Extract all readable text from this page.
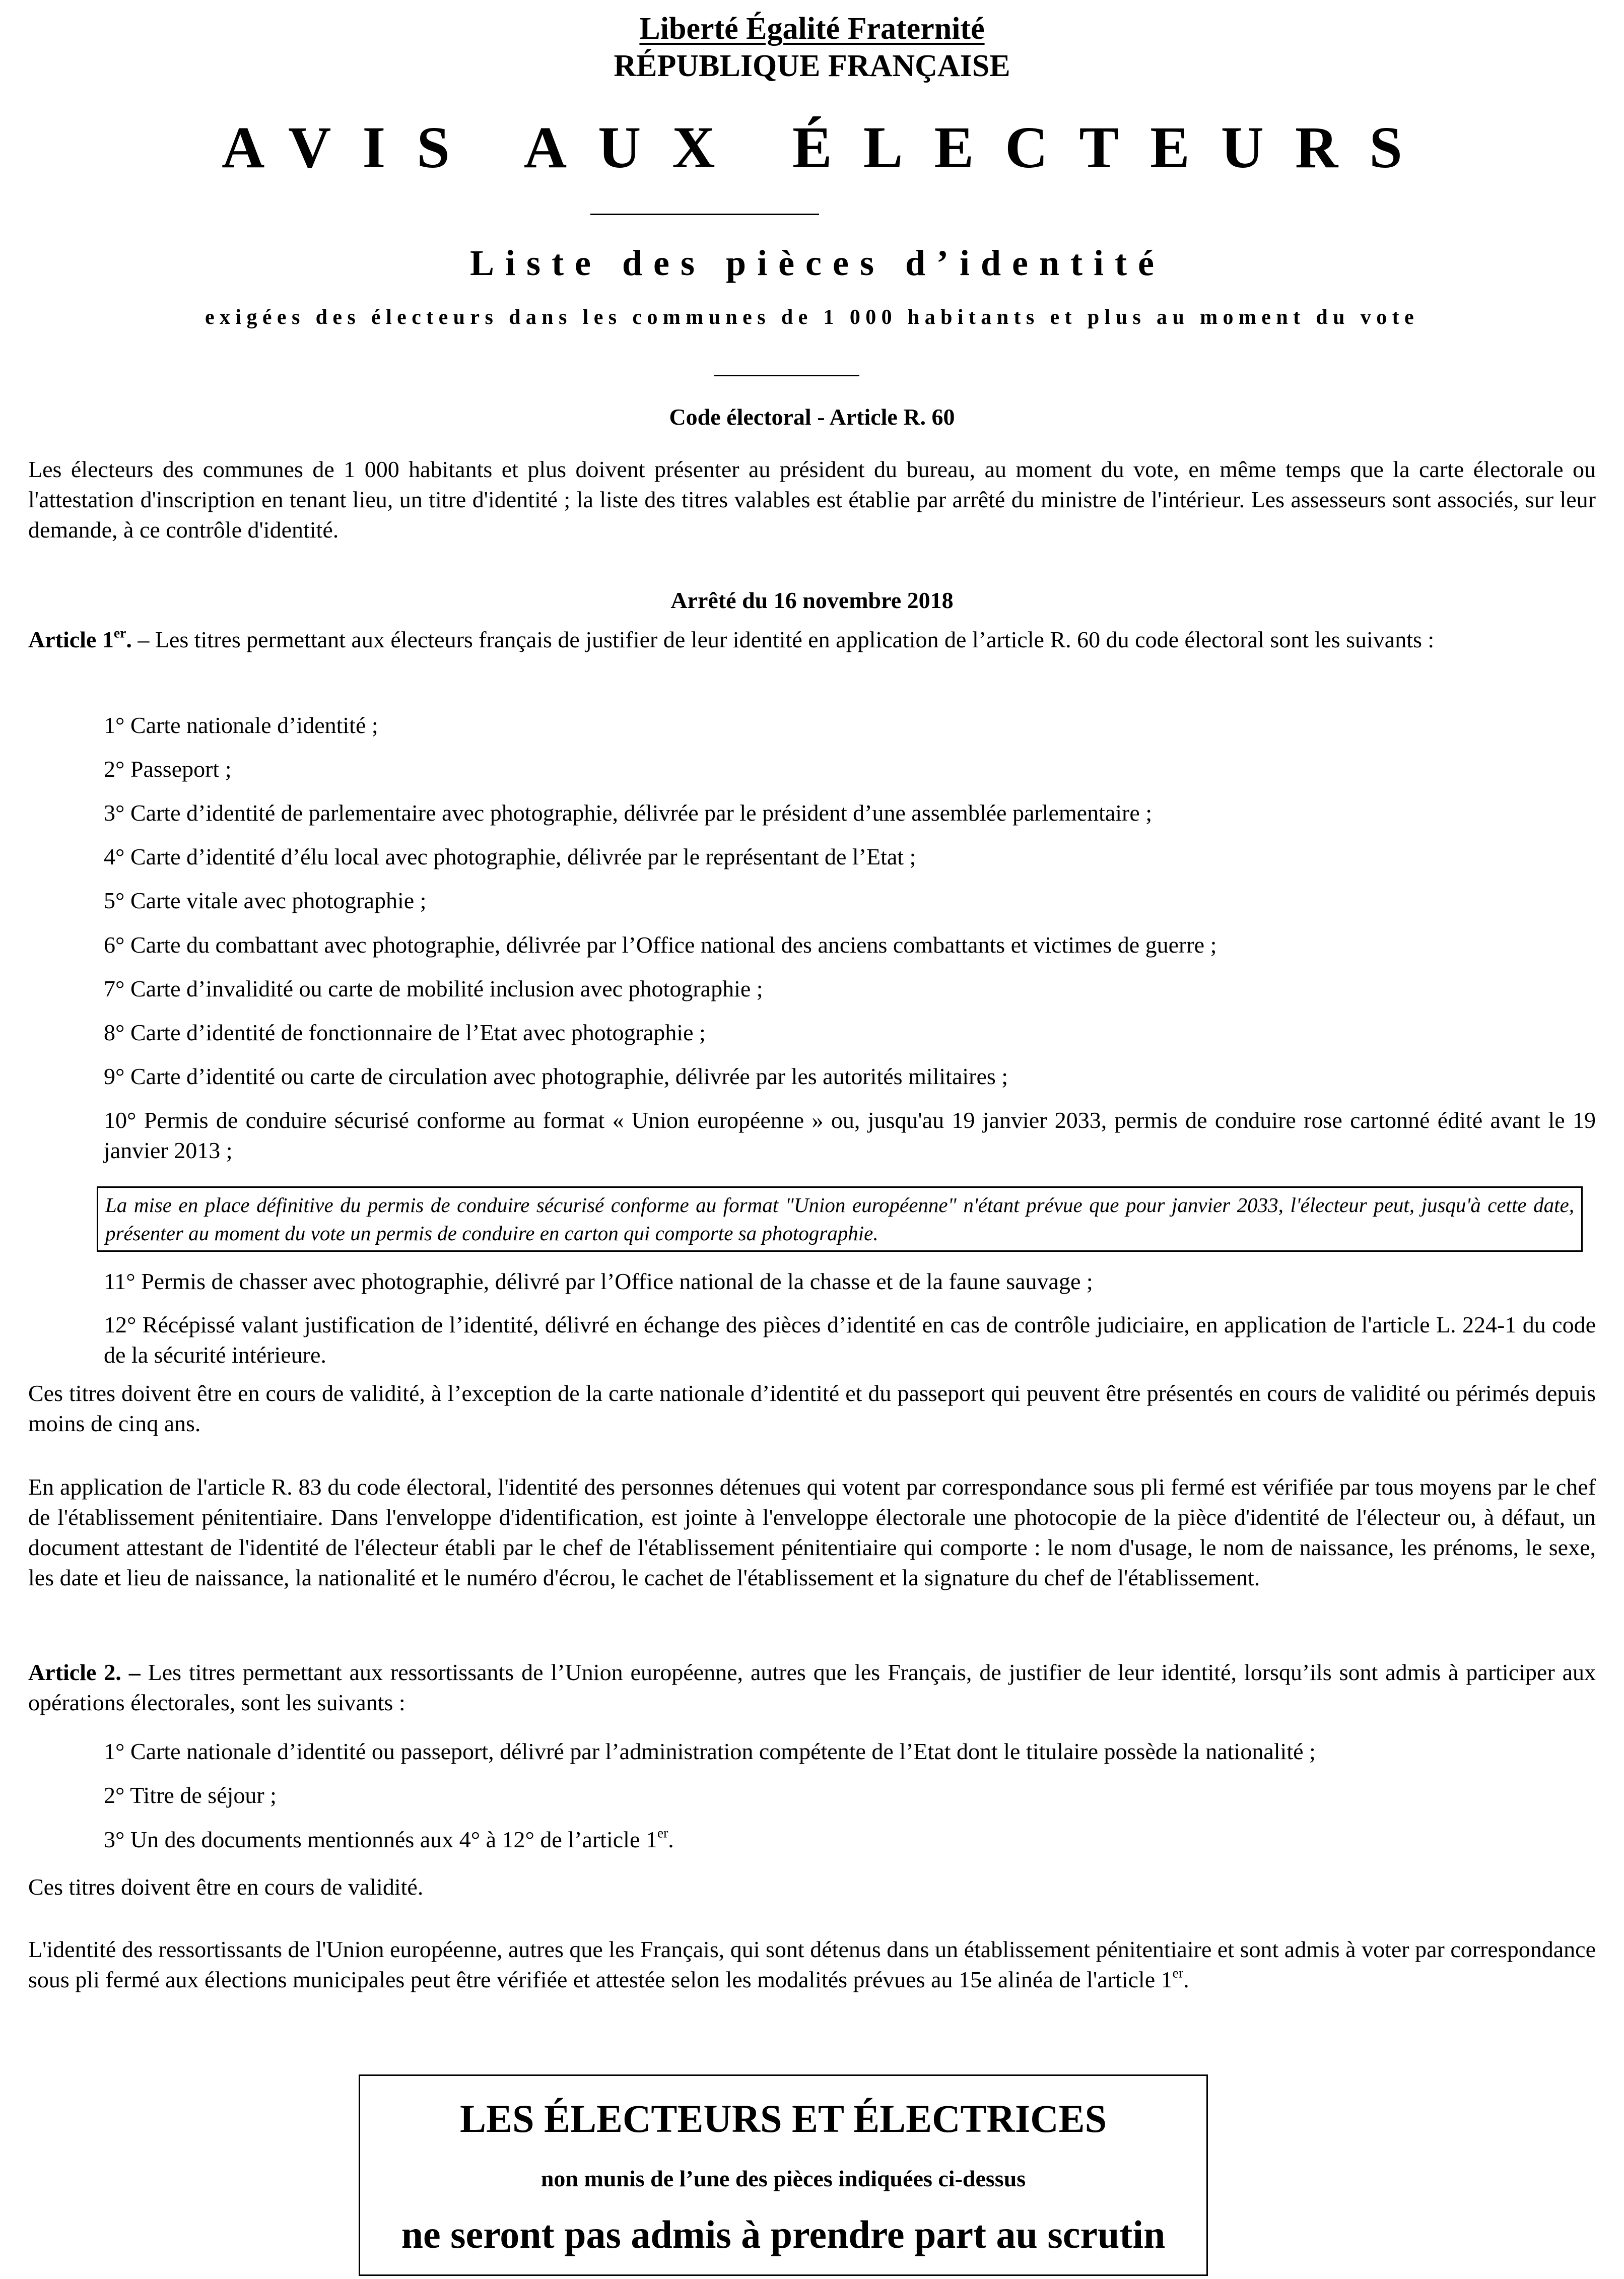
Liberté Égalité Fraternité
RÉPUBLIQUE FRANÇAISE
AVIS AUX ÉLECTEURS
Liste des pièces d’identité
exigées des électeurs dans les communes de 1 000 habitants et plus au moment du vote
Code électoral - Article R. 60
Les électeurs des communes de 1 000 habitants et plus doivent présenter au président du bureau, au moment du vote, en même temps que la carte électorale ou l'attestation d'inscription en tenant lieu, un titre d'identité ; la liste des titres valables est établie par arrêté du ministre de l'intérieur. Les assesseurs sont associés, sur leur demande, à ce contrôle d'identité.
Arrêté du 16 novembre 2018
Article 1er. – Les titres permettant aux électeurs français de justifier de leur identité en application de l’article R. 60 du code électoral sont les suivants :
1° Carte nationale d’identité ;
2° Passeport ;
3° Carte d’identité de parlementaire avec photographie, délivrée par le président d’une assemblée parlementaire ;
4° Carte d’identité d’élu local avec photographie, délivrée par le représentant de l’Etat ;
5° Carte vitale avec photographie ;
6° Carte du combattant avec photographie, délivrée par l’Office national des anciens combattants et victimes de guerre ;
7° Carte d’invalidité ou carte de mobilité inclusion avec photographie ;
8° Carte d’identité de fonctionnaire de l’Etat avec photographie ;
9° Carte d’identité ou carte de circulation avec photographie, délivrée par les autorités militaires ;
10° Permis de conduire sécurisé conforme au format « Union européenne » ou, jusqu'au 19 janvier 2033, permis de conduire rose cartonné édité avant le 19 janvier 2013 ;
La mise en place définitive du permis de conduire sécurisé conforme au format "Union européenne" n'étant prévue que pour janvier 2033, l'électeur peut, jusqu'à cette date, présenter au moment du vote un permis de conduire en carton qui comporte sa photographie.
11° Permis de chasser avec photographie, délivré par l’Office national de la chasse et de la faune sauvage ;
12° Récépissé valant justification de l’identité, délivré en échange des pièces d’identité en cas de contrôle judiciaire, en application de l'article L. 224-1 du code de la sécurité intérieure.
Ces titres doivent être en cours de validité, à l’exception de la carte nationale d’identité et du passeport qui peuvent être présentés en cours de validité ou périmés depuis moins de cinq ans.
En application de l'article R. 83 du code électoral, l'identité des personnes détenues qui votent par correspondance sous pli fermé est vérifiée par tous moyens par le chef de l'établissement pénitentiaire. Dans l'enveloppe d'identification, est jointe à l'enveloppe électorale une photocopie de la pièce d'identité de l'électeur ou, à défaut, un document attestant de l'identité de l'électeur établi par le chef de l'établissement pénitentiaire qui comporte : le nom d'usage, le nom de naissance, les prénoms, le sexe, les date et lieu de naissance, la nationalité et le numéro d'écrou, le cachet de l'établissement et la signature du chef de l'établissement.
Article 2. – Les titres permettant aux ressortissants de l’Union européenne, autres que les Français, de justifier de leur identité, lorsqu’ils sont admis à participer aux opérations électorales, sont les suivants :
1° Carte nationale d’identité ou passeport, délivré par l’administration compétente de l’Etat dont le titulaire possède la nationalité ;
2° Titre de séjour ;
3° Un des documents mentionnés aux 4° à 12° de l’article 1er.
Ces titres doivent être en cours de validité.
L'identité des ressortissants de l'Union européenne, autres que les Français, qui sont détenus dans un établissement pénitentiaire et sont admis à voter par correspondance sous pli fermé aux élections municipales peut être vérifiée et attestée selon les modalités prévues au 15e alinéa de l'article 1er.
LES ÉLECTEURS ET ÉLECTRICES
non munis de l’une des pièces indiquées ci-dessus
ne seront pas admis à prendre part au scrutin
